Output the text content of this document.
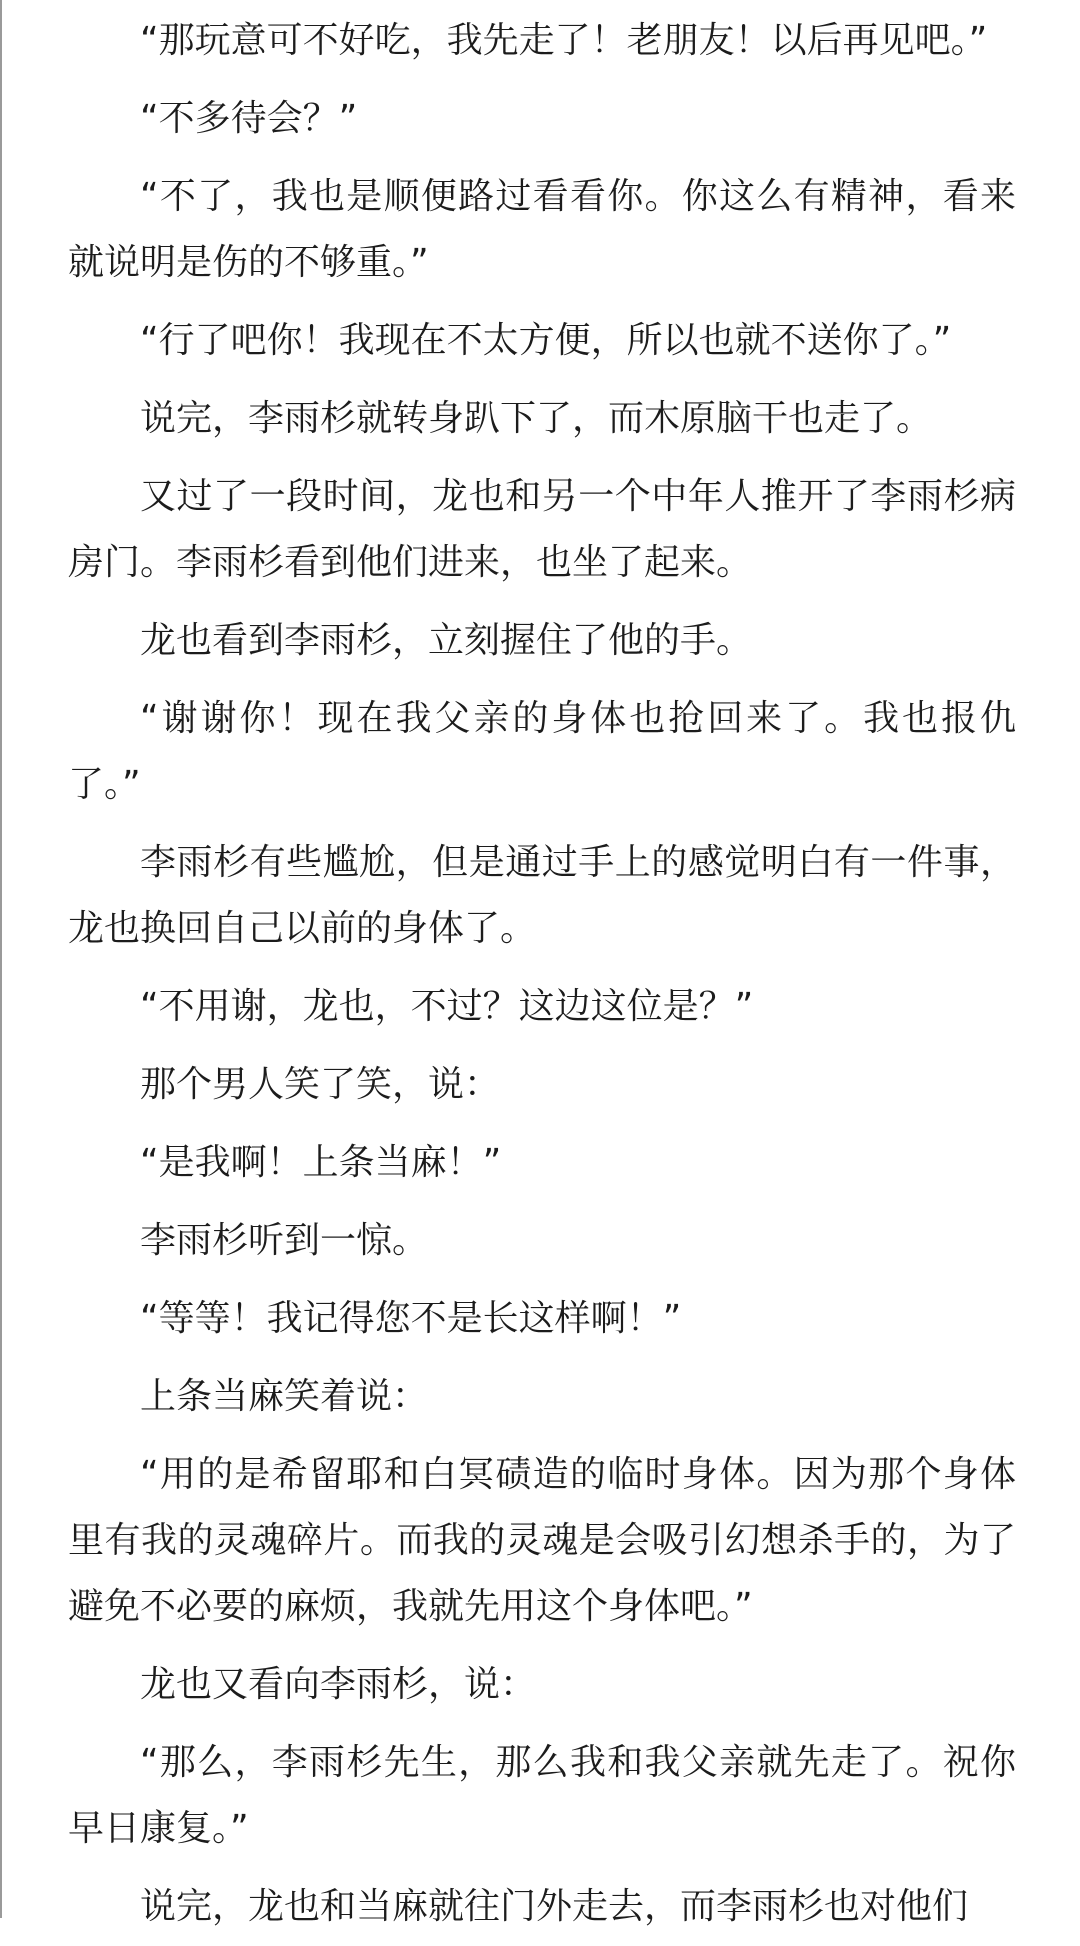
“那玩意可不好吃，我先走了！老朋友！以后再见吧。”

“不多待会？”

“不了，我也是顺便路过看看你。你这么有精神，看来就说明是伤的不够重。”

“行了吧你！我现在不太方便，所以也就不送你了。”

说完，李雨杉就转身趴下了，而木原脑干也走了。

又过了一段时间，龙也和另一个中年人推开了李雨杉病房门。李雨杉看到他们进来，也坐了起来。

龙也看到李雨杉，立刻握住了他的手。

“谢谢你！现在我父亲的身体也抢回来了。我也报仇了。”

李雨杉有些尴尬，但是通过手上的感觉明白有一件事，龙也换回自己以前的身体了。

“不用谢，龙也，不过？这边这位是？”

那个男人笑了笑，说：

“是我啊！上条当麻！”

李雨杉听到一惊。

“等等！我记得您不是长这样啊！”

上条当麻笑着说：

“用的是希留耶和白冥碛造的临时身体。因为那个身体里有我的灵魂碎片。而我的灵魂是会吸引幻想杀手的，为了避免不必要的麻烦，我就先用这个身体吧。”

龙也又看向李雨杉，说：

“那么，李雨杉先生，那么我和我父亲就先走了。祝你早日康复。”

说完，龙也和当麻就往门外走去，而李雨杉也对他们
